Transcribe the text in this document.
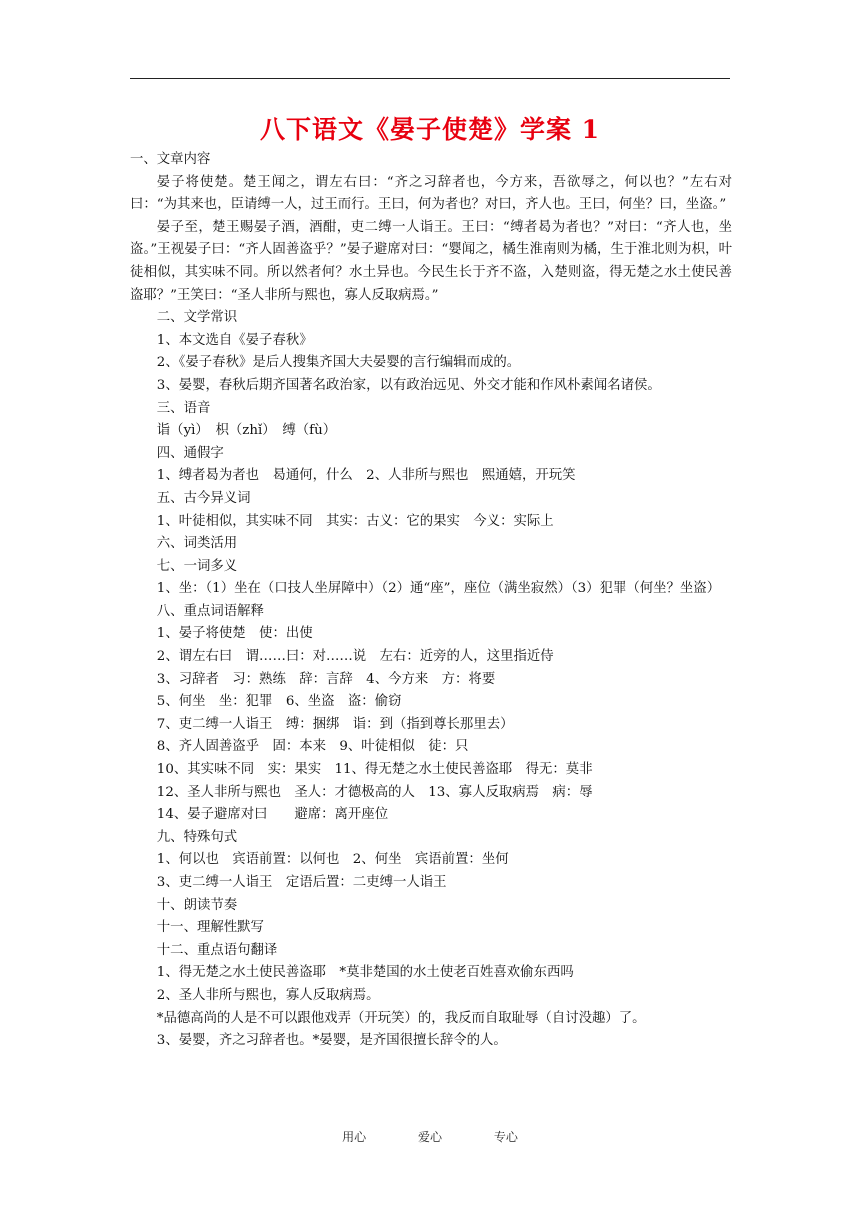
八下语文《晏子使楚》学案 1

一、文章内容

晏子将使楚。楚王闻之，谓左右曰：“齐之习辞者也，今方来，吾欲辱之，何以也？”左右对曰：“为其来也，臣请缚一人，过王而行。王曰，何为者也？对曰，齐人也。王曰，何坐？曰，坐盗。”

晏子至，楚王赐晏子酒，酒酣，吏二缚一人诣王。王曰：“缚者曷为者也？”对曰：“齐人也，坐盗。”王视晏子曰：“齐人固善盗乎？”晏子避席对曰：“婴闻之，橘生淮南则为橘，生于淮北则为枳，叶徒相似，其实味不同。所以然者何？水土异也。今民生长于齐不盗，入楚则盗，得无楚之水土使民善盗耶？”王笑曰：“圣人非所与熙也，寡人反取病焉。”

二、文学常识

1、本文选自《晏子春秋》

2、《晏子春秋》是后人搜集齐国大夫晏婴的言行编辑而成的。

3、晏婴，春秋后期齐国著名政治家，以有政治远见、外交才能和作风朴素闻名诸侯。

三、语音

诣（yì）　枳（zhǐ）　缚（fù）

四、通假字

1、缚者曷为者也　曷通何，什么　2、人非所与熙也　熙通嬉，开玩笑

五、古今异义词

1、叶徒相似，其实味不同　其实：古义：它的果实　今义：实际上

六、词类活用

七、一词多义

1、坐：（1）坐在（口技人坐屏障中）（2）通“座”，座位（满坐寂然）（3）犯罪（何坐？坐盗）

八、重点词语解释

1、晏子将使楚　使：出使

2、谓左右曰　谓……曰：对……说　左右：近旁的人，这里指近侍

3、习辞者　习：熟练　辞：言辞　4、今方来　方：将要

5、何坐　坐：犯罪　6、坐盗　盗：偷窃

7、吏二缚一人诣王　缚：捆绑　诣：到（指到尊长那里去）

8、齐人固善盗乎　固：本来　9、叶徒相似　徒：只

10、其实味不同　实：果实　11、得无楚之水土使民善盗耶　得无：莫非

12、圣人非所与熙也　圣人：才德极高的人　13、寡人反取病焉　病：辱

14、晏子避席对曰　　避席：离开座位

九、特殊句式

1、何以也　宾语前置：以何也　2、何坐　宾语前置：坐何

3、吏二缚一人诣王　定语后置：二吏缚一人诣王

十、朗读节奏

十一、理解性默写

十二、重点语句翻译

1、得无楚之水土使民善盗耶　*莫非楚国的水土使老百姓喜欢偷东西吗

2、圣人非所与熙也，寡人反取病焉。

*品德高尚的人是不可以跟他戏弄（开玩笑）的，我反而自取耻辱（自讨没趣）了。

3、晏婴，齐之习辞者也。*晏婴，是齐国很擅长辞令的人。

用心	爱心	专心
